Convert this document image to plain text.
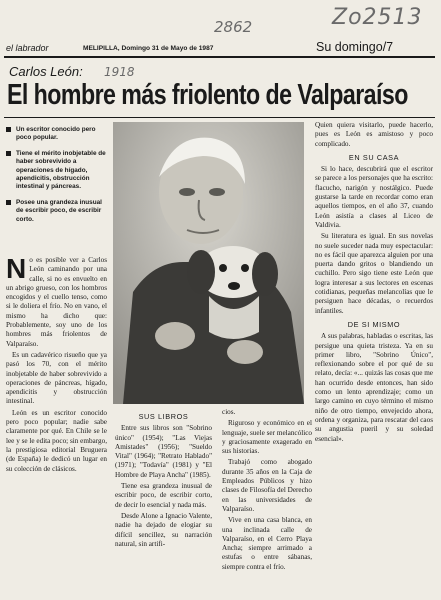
2862	Zo2513
el labrador	MELIPILLA, Domingo 31 de Mayo de 1987	Su domingo/7
Carlos León: 1918
El hombre más friolento de Valparaíso
Un escritor conocido pero poco popular.
Tiene el mérito inobjetable de haber sobrevivido a operaciones de hígado, apendicitis, obstrucción intestinal y páncreas.
Posee una grandeza inusual de escribir poco, de escribir corto.

No es posible ver a Carlos León caminando por una calle, si no es envuelto en un abrigo grueso, con los hombros encogidos y el cuello tenso, como si le doliera el frío. No en vano, el mismo ha dicho que: Probablemente, soy uno de los hombres más friolentos de Valparaíso.

Es un cadavérico risueño que ya pasó los 70, con el mérito inobjetable de haber sobrevivido a operaciones de páncreas, hígado, apendicitis y obstrucción intestinal.

León es un escritor conocido pero poco popular; nadie sabe claramente por qué. En Chile se le lee y se le edita poco; sin embargo, la prestigiosa editorial Bruguera (de España) le dedicó un lugar en su colección de clásicos.

SUS LIBROS

Entre sus libros son "Sobrino único" (1954); "Las Viejas Amistades" (1956); "Sueldo Vital" (1964); "Retrato Hablado" (1971); "Todavía" (1981) y "El Hombre de Playa Ancha" (1985).

Tiene esa grandeza inusual de escribir poco, de escribir corto, de decir lo esencial y nada más.

Desde Alone a Ignacio Valente, nadie ha dejado de elogiar su difícil sencillez, su narración natural, sin artifi-

cios.

Riguroso y económico en el lenguaje, suele ser melancólico y graciosamente exagerado en sus historias.

Trabajó como abogado durante 35 años en la Caja de Empleados Públicos y hizo clases de Filosofía del Derecho en las universidades de Valparaíso.

Vive en una casa blanca, en una inclinada calle de Valparaíso, en el Cerro Playa Ancha; siempre arrimado a estufas o entre sábanas, siempre contra el frío.

Quien quiera visitarlo, puede hacerlo, pues es León es amistoso y poco complicado.

EN SU CASA

Si lo hace, descubrirá que el escritor se parece a los personajes que ha escrito: flacucho, narigón y nostálgico. Puede gustarse la tarde en recordar como eran aquellos tiempos, en el año 37, cuando León asistía a clases al Liceo de Valdivia.

Su literatura es igual. En sus novelas no suele suceder nada muy espectacular: no es fácil que aparezca alguien por una puerta dando gritos o blandiendo un cuchillo. Pero sigo tiene este León que logra interesar a sus lectores en escenas cotidianas, pequeñas melancolías que le persiguen hace décadas, o recuerdos infantiles.

DE SI MISMO

A sus palabras, habladas o escritas, las persigue una quieta tristeza. Ya en su primer libro, "Sobrino Único", reflexionando sobre el por qué de su relato, decía: «... quizás las cosas que me han ocurrido desde entonces, han sido como un lento aprendizaje; como un largo camino en cuyo término el mismo niño de otro tiempo, envejecido ahora, ordena y organiza, para rescatar del caos su angustia pueril y su soledad esencial».
